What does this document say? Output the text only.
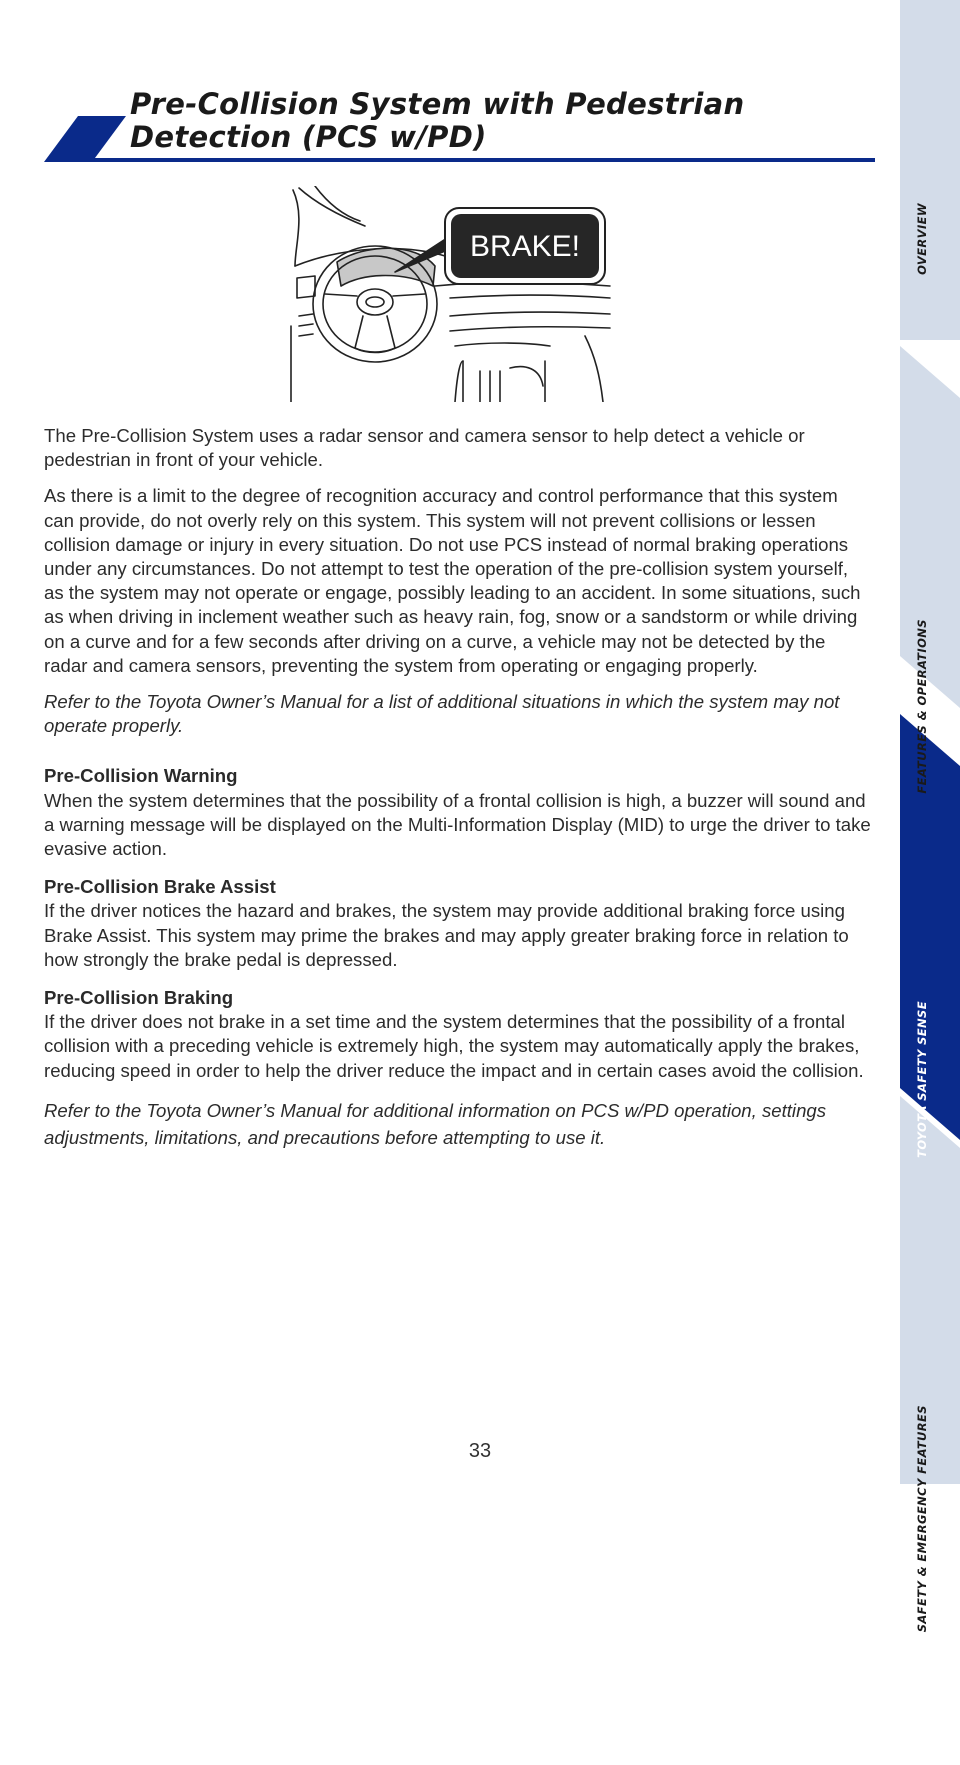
Pre-Collision System with Pedestrian
Detection (PCS w/PD)
BRAKE!

The Pre-Collision System uses a radar sensor and camera sensor to help detect a vehicle or pedestrian in front of your vehicle.

As there is a limit to the degree of recognition accuracy and control performance that this system can provide, do not overly rely on this system. This system will not prevent collisions or lessen collision damage or injury in every situation. Do not use PCS instead of normal braking operations under any circumstances. Do not attempt to test the operation of the pre-collision system yourself, as the system may not operate or engage, possibly leading to an accident. In some situations, such as when driving in inclement weather such as heavy rain, fog, snow or a sandstorm or while driving on a curve and for a few seconds after driving on a curve, a vehicle may not be detected by the radar and camera sensors, preventing the system from operating or engaging properly.

Refer to the Toyota Owner’s Manual for a list of additional situations in which the system may not operate properly.

Pre-Collision Warning

When the system determines that the possibility of a frontal collision is high, a buzzer will sound and a warning message will be displayed on the Multi-Information Display (MID) to urge the driver to take evasive action.

Pre-Collision Brake Assist

If the driver notices the hazard and brakes, the system may provide additional braking force using Brake Assist. This system may prime the brakes and may apply greater braking force in relation to how strongly the brake pedal is depressed.

Pre-Collision Braking

If the driver does not brake in a set time and the system determines that the possibility of a frontal collision with a preceding vehicle is extremely high, the system may automatically apply the brakes, reducing speed in order to help the driver reduce the impact and in certain cases avoid the collision.

Refer to the Toyota Owner’s Manual for additional information on PCS w/PD operation, settings adjustments, limitations, and precautions before attempting to use it.

OVERVIEW
FEATURES & OPERATIONS
TOYOTA SAFETY SENSE
SAFETY & EMERGENCY FEATURES
33
